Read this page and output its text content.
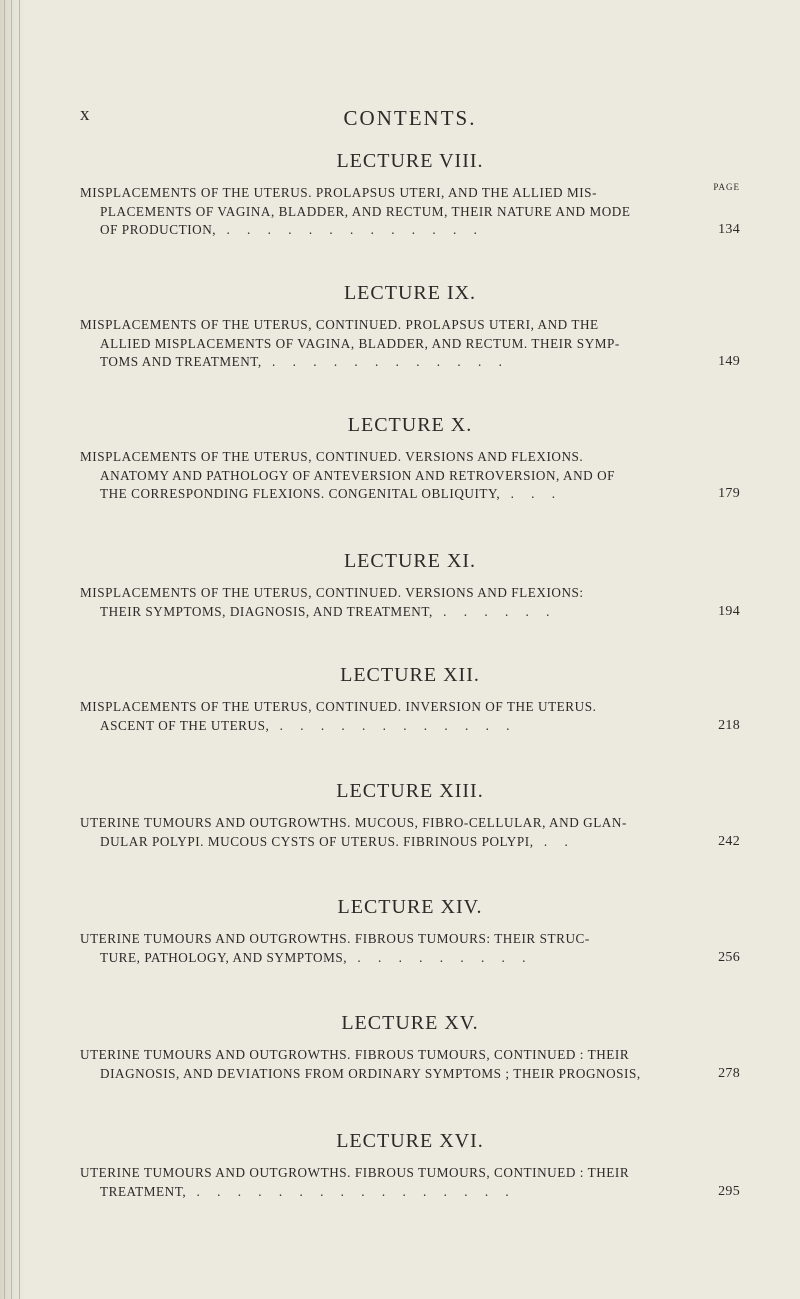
x	CONTENTS.
LECTURE VIII.
PAGE
MISPLACEMENTS OF THE UTERUS. PROLAPSUS UTERI, AND THE ALLIED MIS-
PLACEMENTS OF VAGINA, BLADDER, AND RECTUM, THEIR NATURE AND MODE
OF PRODUCTION, . . . . . . . . . . . . .	134
LECTURE IX.
MISPLACEMENTS OF THE UTERUS, CONTINUED. PROLAPSUS UTERI, AND THE
ALLIED MISPLACEMENTS OF VAGINA, BLADDER, AND RECTUM. THEIR SYMP-
TOMS AND TREATMENT, . . . . . . . . . . . .	149
LECTURE X.
MISPLACEMENTS OF THE UTERUS, CONTINUED. VERSIONS AND FLEXIONS.
ANATOMY AND PATHOLOGY OF ANTEVERSION AND RETROVERSION, AND OF
THE CORRESPONDING FLEXIONS. CONGENITAL OBLIQUITY, . . .	179
LECTURE XI.
MISPLACEMENTS OF THE UTERUS, CONTINUED. VERSIONS AND FLEXIONS:
THEIR SYMPTOMS, DIAGNOSIS, AND TREATMENT, . . . . . .	194
LECTURE XII.
MISPLACEMENTS OF THE UTERUS, CONTINUED. INVERSION OF THE UTERUS.
ASCENT OF THE UTERUS, . . . . . . . . . . . .	218
LECTURE XIII.
UTERINE TUMOURS AND OUTGROWTHS. MUCOUS, FIBRO-CELLULAR, AND GLAN-
DULAR POLYPI. MUCOUS CYSTS OF UTERUS. FIBRINOUS POLYPI, . .	242
LECTURE XIV.
UTERINE TUMOURS AND OUTGROWTHS. FIBROUS TUMOURS: THEIR STRUC-
TURE, PATHOLOGY, AND SYMPTOMS, . . . . . . . . .	256
LECTURE XV.
UTERINE TUMOURS AND OUTGROWTHS. FIBROUS TUMOURS, CONTINUED : THEIR
DIAGNOSIS, AND DEVIATIONS FROM ORDINARY SYMPTOMS ; THEIR PROGNOSIS,	278
LECTURE XVI.
UTERINE TUMOURS AND OUTGROWTHS. FIBROUS TUMOURS, CONTINUED : THEIR
TREATMENT, . . . . . . . . . . . . . . . .	295
